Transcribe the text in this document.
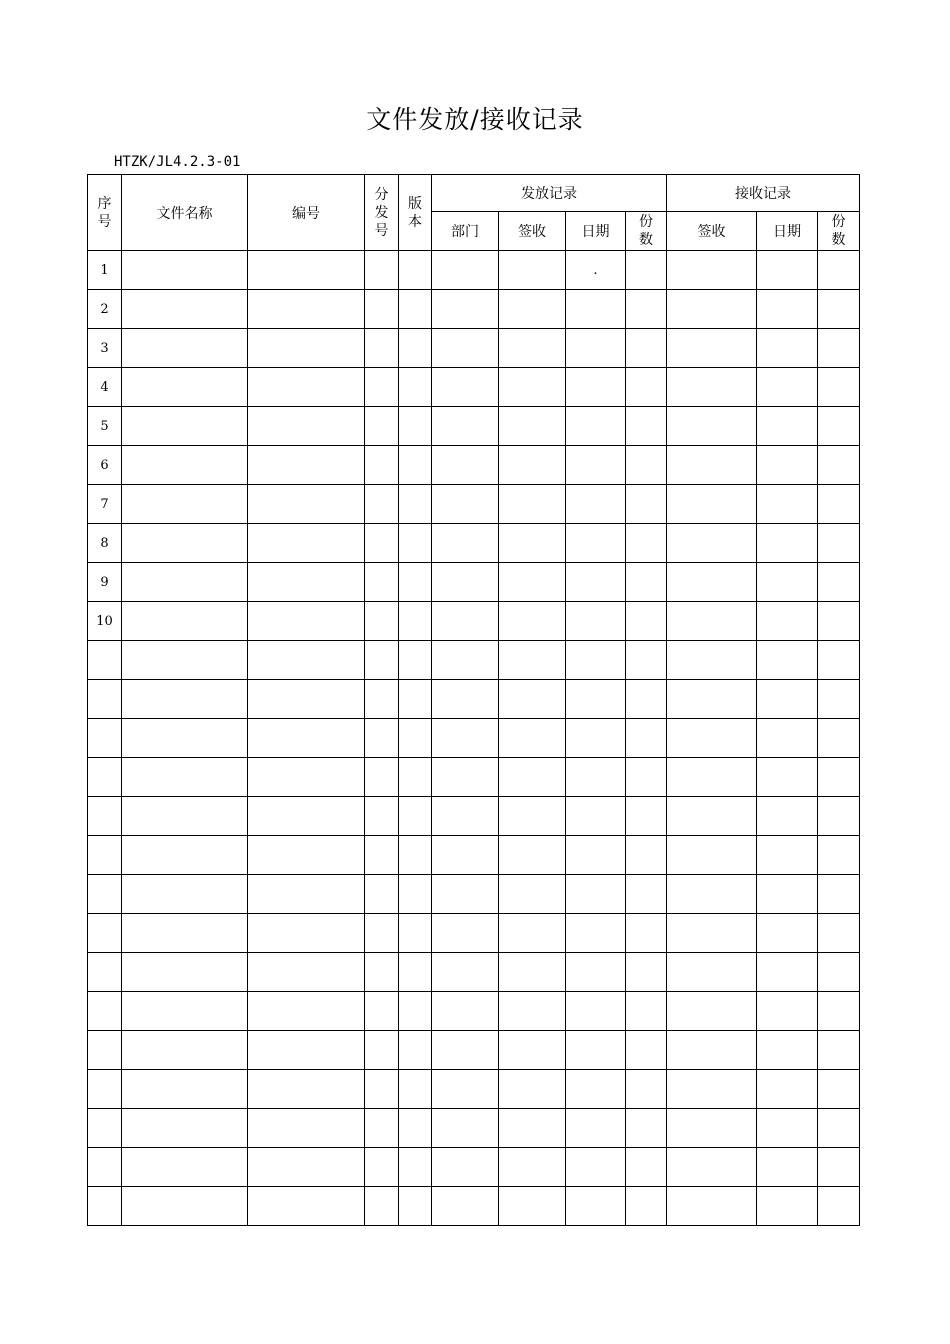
文件发放/接收记录
HTZK/JL4.2.3-01
序号	文件名称	编号	分发号	版本	发放记录				接收记录		
					部门	签收	日期	份数	签收	日期	份数
1							.				
2											
3											
4											
5											
6											
7											
8											
9											
10											
